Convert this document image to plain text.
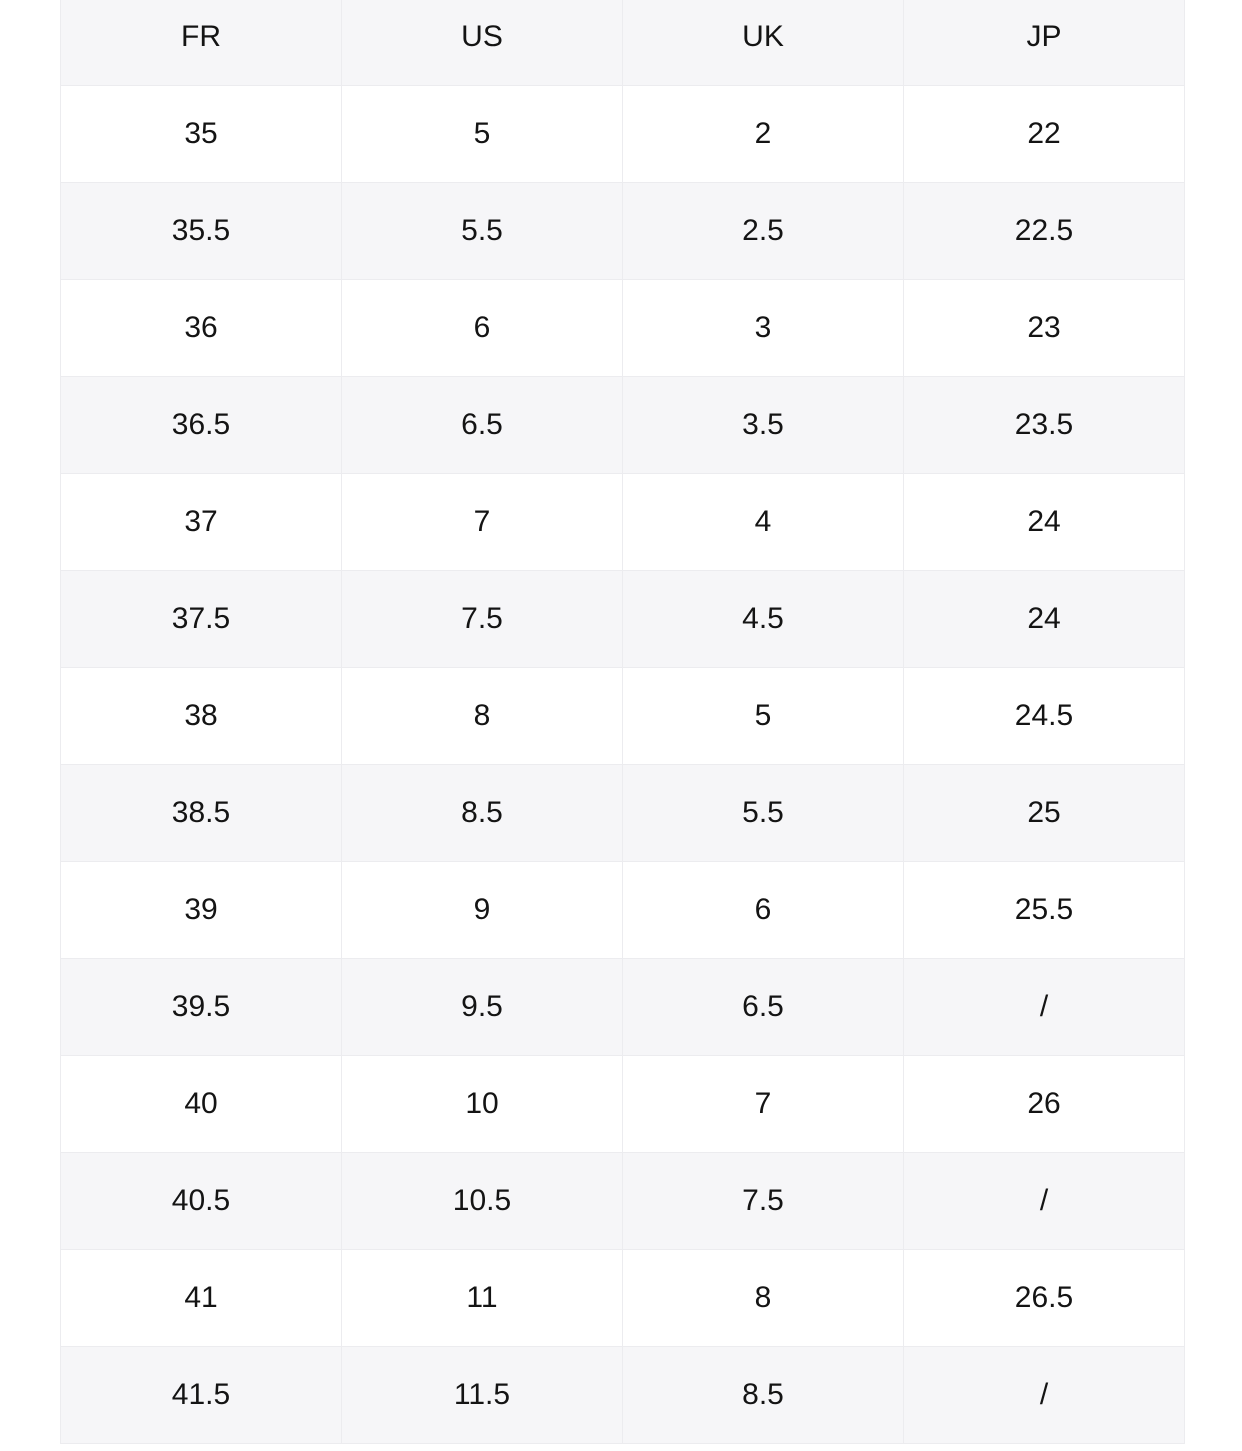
FR	US	UK	JP
35	5	2	22
35.5	5.5	2.5	22.5
36	6	3	23
36.5	6.5	3.5	23.5
37	7	4	24
37.5	7.5	4.5	24
38	8	5	24.5
38.5	8.5	5.5	25
39	9	6	25.5
39.5	9.5	6.5	/
40	10	7	26
40.5	10.5	7.5	/
41	11	8	26.5
41.5	11.5	8.5	/
